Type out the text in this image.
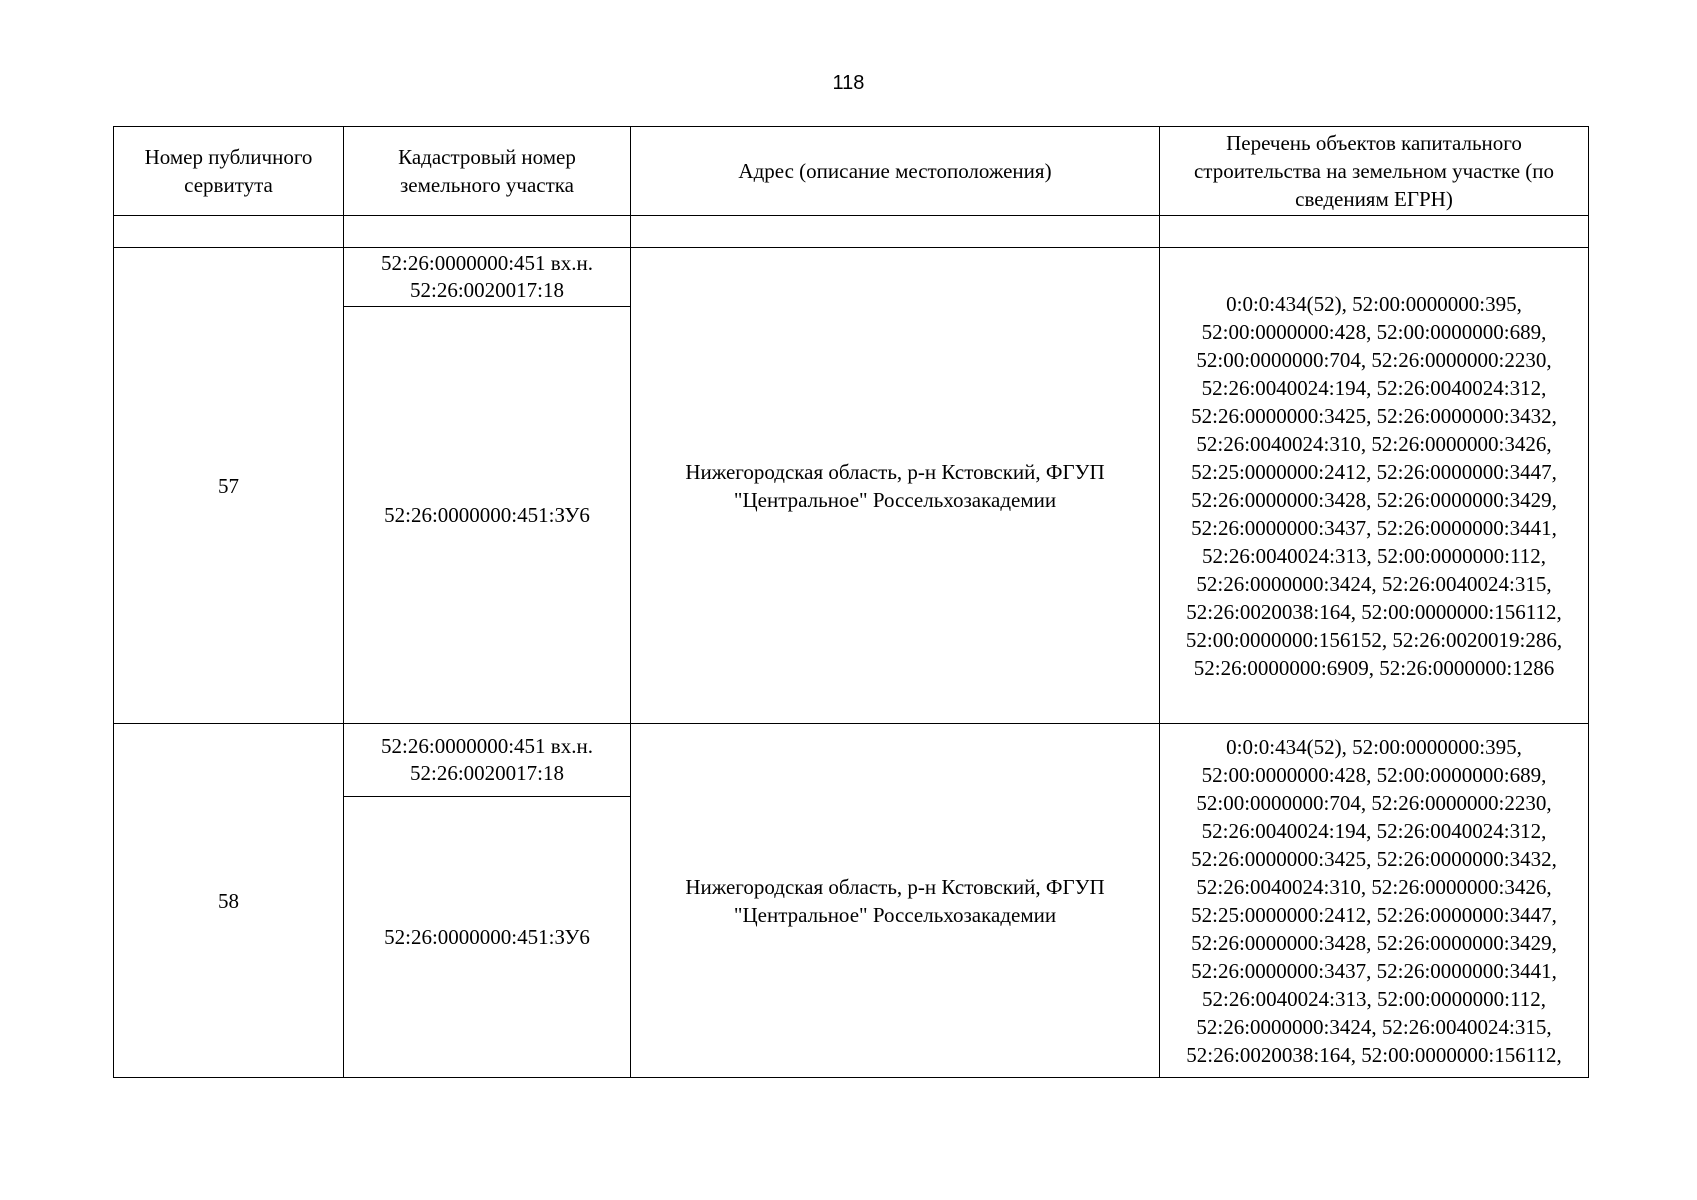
118
Номер публичного сервитута	Кадастровый номер земельного участка	Адрес (описание местоположения)	Перечень объектов капитального строительства на земельном участке (по сведениям ЕГРН)

57	52:26:0000000:451 вх.н. 52:26:0020017:18	Нижегородская область, р-н Кстовский, ФГУП "Центральное" Россельхозакадемии	0:0:0:434(52), 52:00:0000000:395, 52:00:0000000:428, 52:00:0000000:689, 52:00:0000000:704, 52:26:0000000:2230, 52:26:0040024:194, 52:26:0040024:312, 52:26:0000000:3425, 52:26:0000000:3432, 52:26:0040024:310, 52:26:0000000:3426, 52:25:0000000:2412, 52:26:0000000:3447, 52:26:0000000:3428, 52:26:0000000:3429, 52:26:0000000:3437, 52:26:0000000:3441, 52:26:0040024:313, 52:00:0000000:112, 52:26:0000000:3424, 52:26:0040024:315, 52:26:0020038:164, 52:00:0000000:156112, 52:00:0000000:156152, 52:26:0020019:286, 52:26:0000000:6909, 52:26:0000000:1286
	52:26:0000000:451:ЗУ6		
58	52:26:0000000:451 вх.н. 52:26:0020017:18	Нижегородская область, р-н Кстовский, ФГУП "Центральное" Россельхозакадемии	0:0:0:434(52), 52:00:0000000:395, 52:00:0000000:428, 52:00:0000000:689, 52:00:0000000:704, 52:26:0000000:2230, 52:26:0040024:194, 52:26:0040024:312, 52:26:0000000:3425, 52:26:0000000:3432, 52:26:0040024:310, 52:26:0000000:3426, 52:25:0000000:2412, 52:26:0000000:3447, 52:26:0000000:3428, 52:26:0000000:3429, 52:26:0000000:3437, 52:26:0000000:3441, 52:26:0040024:313, 52:00:0000000:112, 52:26:0000000:3424, 52:26:0040024:315, 52:26:0020038:164, 52:00:0000000:156112,
	52:26:0000000:451:ЗУ6		
